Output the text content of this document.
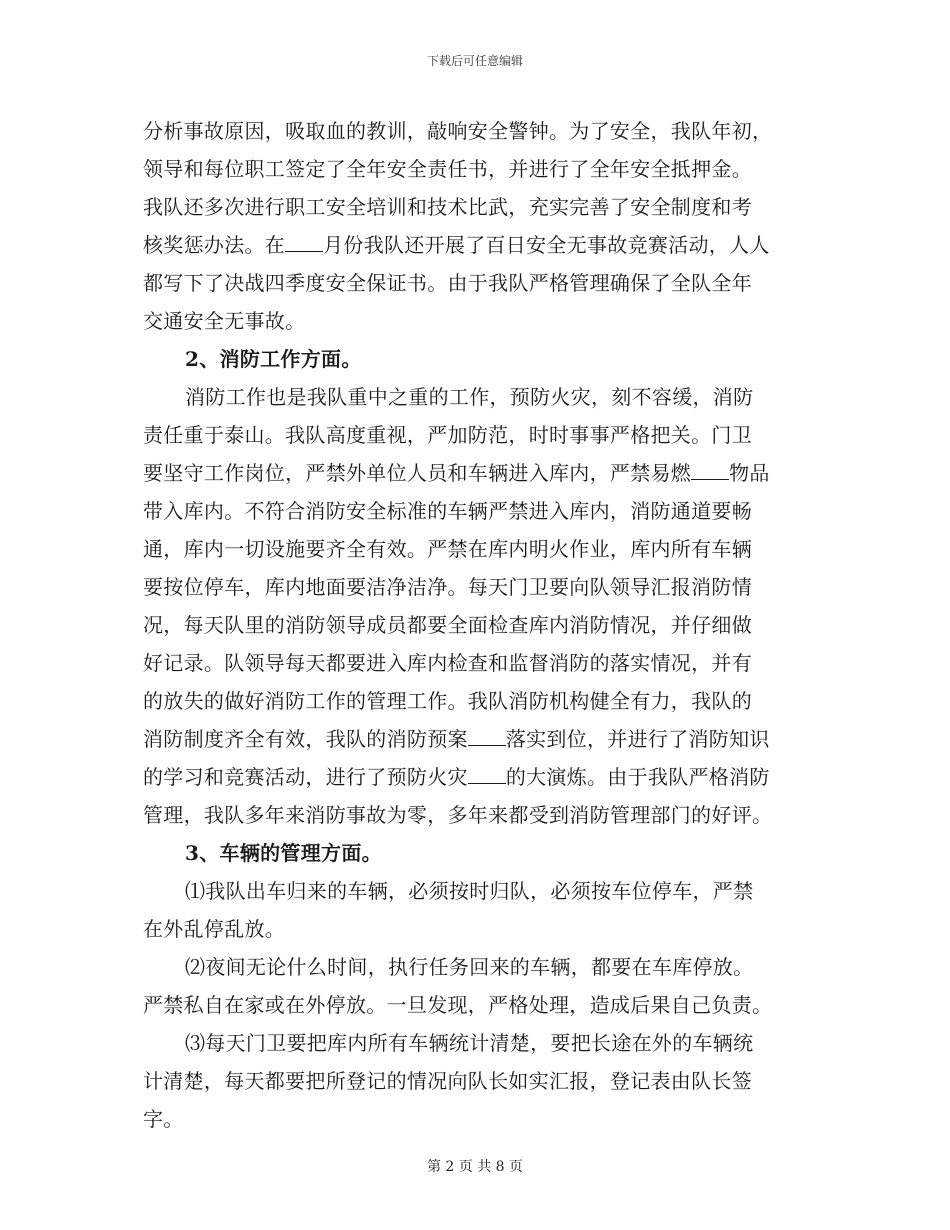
下载后可任意编辑
分析事故原因，吸取血的教训，敲响安全警钟。为了安全，我队年初，
领导和每位职工签定了全年安全责任书，并进行了全年安全抵押金。
我队还多次进行职工安全培训和技术比武，充实完善了安全制度和考
核奖惩办法。在 月份我队还开展了百日安全无事故竞赛活动，人人
都写下了决战四季度安全保证书。由于我队严格管理确保了全队全年
交通安全无事故。
2、消防工作方面。
消防工作也是我队重中之重的工作，预防火灾，刻不容缓，消防
责任重于泰山。我队高度重视，严加防范，时时事事严格把关。门卫
要坚守工作岗位，严禁外单位人员和车辆进入库内，严禁易燃 物品
带入库内。不符合消防安全标准的车辆严禁进入库内，消防通道要畅
通，库内一切设施要齐全有效。严禁在库内明火作业，库内所有车辆
要按位停车，库内地面要洁净洁净。每天门卫要向队领导汇报消防情
况，每天队里的消防领导成员都要全面检查库内消防情况，并仔细做
好记录。队领导每天都要进入库内检查和监督消防的落实情况，并有
的放失的做好消防工作的管理工作。我队消防机构健全有力，我队的
消防制度齐全有效，我队的消防预案 落实到位，并进行了消防知识
的学习和竞赛活动，进行了预防火灾 的大演炼。由于我队严格消防
管理，我队多年来消防事故为零，多年来都受到消防管理部门的好评。
3、车辆的管理方面。
⑴我队出车归来的车辆，必须按时归队，必须按车位停车，严禁
在外乱停乱放。
⑵夜间无论什么时间，执行任务回来的车辆，都要在车库停放。
严禁私自在家或在外停放。一旦发现，严格处理，造成后果自己负责。
⑶每天门卫要把库内所有车辆统计清楚，要把长途在外的车辆统
计清楚，每天都要把所登记的情况向队长如实汇报，登记表由队长签
字。
第 2 页 共 8 页
